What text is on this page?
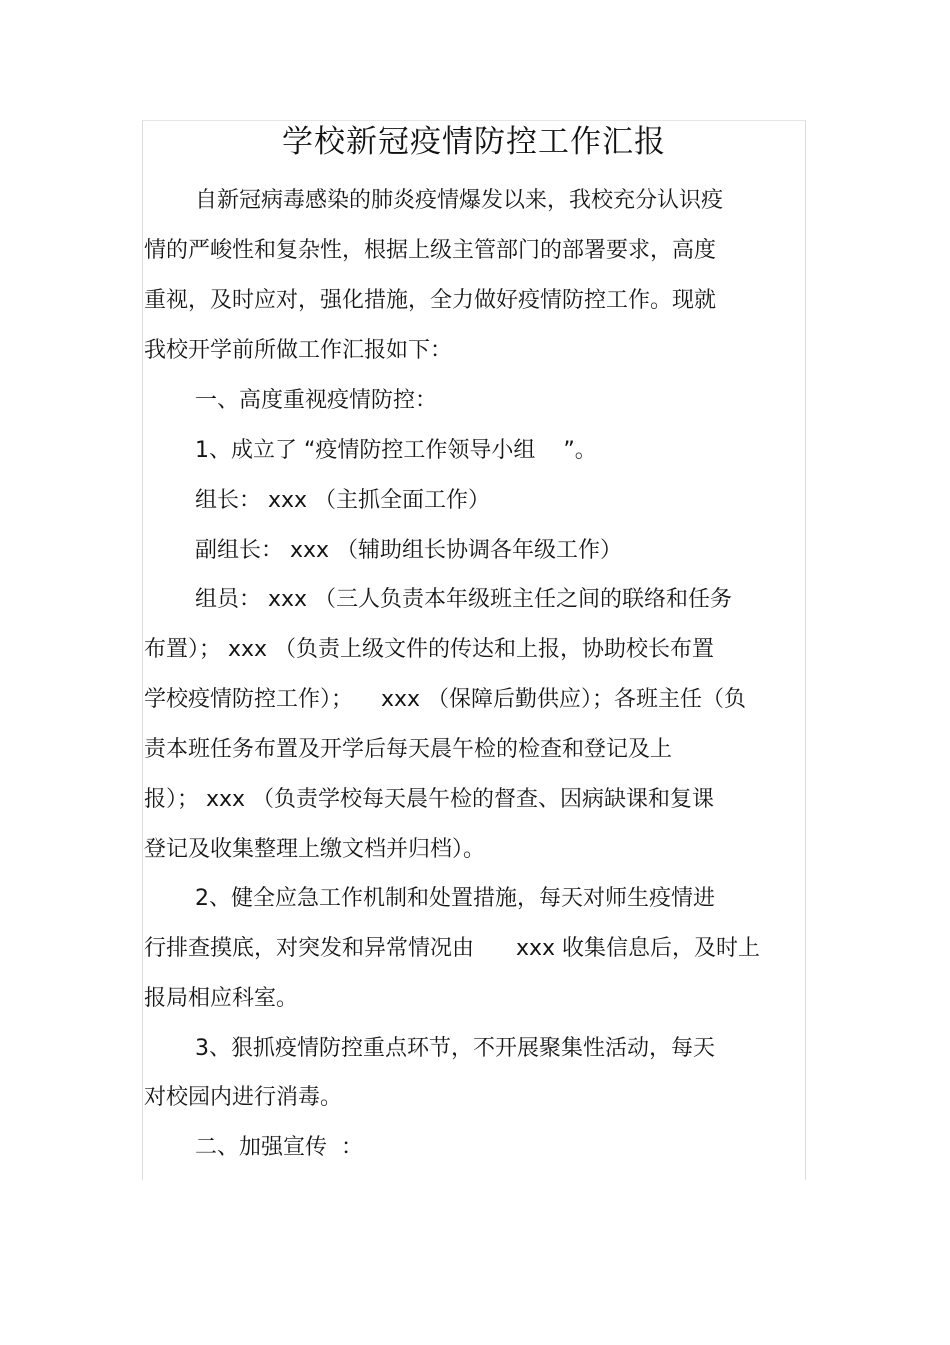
学校新冠疫情防控工作汇报
自新冠病毒感染的肺炎疫情爆发以来，我校充分认识疫
情的严峻性和复杂性，根据上级主管部门的部署要求，高度
重视，及时应对，强化措施，全力做好疫情防控工作。现就
我校开学前所做工作汇报如下：
一、高度重视疫情防控：
1、成立了 “疫情防控工作领导小组    ”。
组长： xxx （主抓全面工作）
副组长： xxx （辅助组长协调各年级工作）
组员： xxx （三人负责本年级班主任之间的联络和任务
布置）； xxx （负责上级文件的传达和上报，协助校长布置
学校疫情防控工作）；    xxx （保障后勤供应）；各班主任（负
责本班任务布置及开学后每天晨午检的检查和登记及上
报）； xxx （负责学校每天晨午检的督查、因病缺课和复课
登记及收集整理上缴文档并归档）。
2、健全应急工作机制和处置措施，每天对师生疫情进
行排查摸底，对突发和异常情况由      xxx 收集信息后，及时上
报局相应科室。
3、狠抓疫情防控重点环节，不开展聚集性活动，每天
对校园内进行消毒。
二、加强宣传  ：
